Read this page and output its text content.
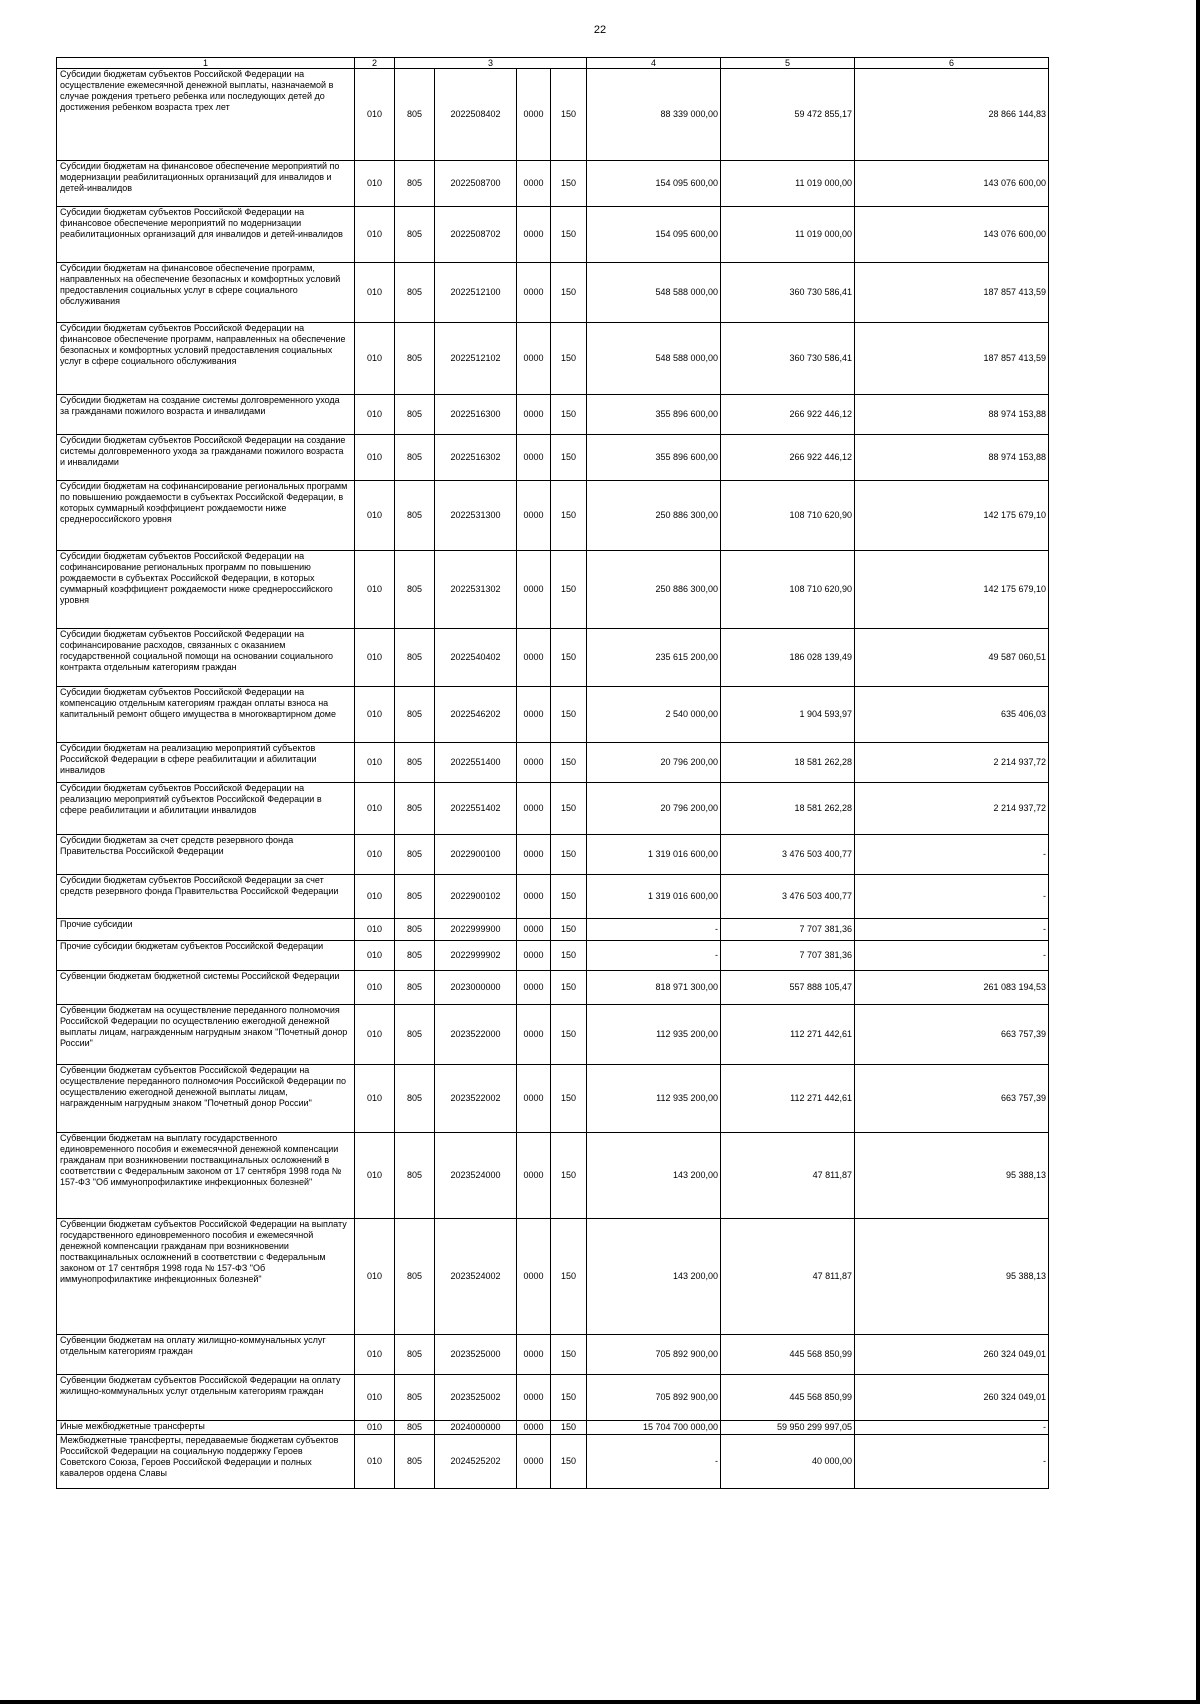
22
1	2	3				4	5	6
Субсидии бюджетам субъектов Российской Федерации на осуществление ежемесячной денежной выплаты, назначаемой в случае рождения третьего ребенка или последующих детей до достижения ребенком возраста трех лет	010	805	2022508402	0000	150	88 339 000,00	59 472 855,17	28 866 144,83
Субсидии бюджетам на финансовое обеспечение мероприятий по модернизации реабилитационных организаций для инвалидов и детей-инвалидов	010	805	2022508700	0000	150	154 095 600,00	11 019 000,00	143 076 600,00
Субсидии бюджетам субъектов Российской Федерации на финансовое обеспечение мероприятий по модернизации реабилитационных организаций для инвалидов и детей-инвалидов	010	805	2022508702	0000	150	154 095 600,00	11 019 000,00	143 076 600,00
Субсидии бюджетам на финансовое обеспечение программ, направленных на обеспечение безопасных и комфортных условий предоставления социальных услуг в сфере социального обслуживания	010	805	2022512100	0000	150	548 588 000,00	360 730 586,41	187 857 413,59
Субсидии бюджетам субъектов Российской Федерации на финансовое обеспечение программ, направленных на обеспечение безопасных и комфортных условий предоставления социальных услуг в сфере социального обслуживания	010	805	2022512102	0000	150	548 588 000,00	360 730 586,41	187 857 413,59
Субсидии бюджетам на создание системы долговременного ухода за гражданами пожилого возраста и инвалидами	010	805	2022516300	0000	150	355 896 600,00	266 922 446,12	88 974 153,88
Субсидии бюджетам субъектов Российской Федерации на создание системы долговременного ухода за гражданами пожилого возраста и инвалидами	010	805	2022516302	0000	150	355 896 600,00	266 922 446,12	88 974 153,88
Субсидии бюджетам на софинансирование региональных программ по повышению рождаемости в субъектах Российской Федерации, в которых суммарный коэффициент рождаемости ниже среднероссийского уровня	010	805	2022531300	0000	150	250 886 300,00	108 710 620,90	142 175 679,10
Субсидии бюджетам субъектов Российской Федерации на софинансирование региональных программ по повышению рождаемости в субъектах Российской Федерации, в которых суммарный коэффициент рождаемости ниже среднероссийского уровня	010	805	2022531302	0000	150	250 886 300,00	108 710 620,90	142 175 679,10
Субсидии бюджетам субъектов Российской Федерации на софинансирование расходов, связанных с оказанием государственной социальной помощи на основании социального контракта отдельным категориям граждан	010	805	2022540402	0000	150	235 615 200,00	186 028 139,49	49 587 060,51
Субсидии бюджетам субъектов Российской Федерации на компенсацию отдельным категориям граждан оплаты взноса на капитальный ремонт общего имущества в многоквартирном доме	010	805	2022546202	0000	150	2 540 000,00	1 904 593,97	635 406,03
Субсидии бюджетам на реализацию мероприятий субъектов Российской Федерации в сфере реабилитации и абилитации инвалидов	010	805	2022551400	0000	150	20 796 200,00	18 581 262,28	2 214 937,72
Субсидии бюджетам субъектов Российской Федерации на реализацию мероприятий субъектов Российской Федерации в сфере реабилитации и абилитации инвалидов	010	805	2022551402	0000	150	20 796 200,00	18 581 262,28	2 214 937,72
Субсидии бюджетам за счет средств резервного фонда Правительства Российской Федерации	010	805	2022900100	0000	150	1 319 016 600,00	3 476 503 400,77	-
Субсидии бюджетам субъектов Российской Федерации за счет средств резервного фонда Правительства Российской Федерации	010	805	2022900102	0000	150	1 319 016 600,00	3 476 503 400,77	-
Прочие субсидии	010	805	2022999900	0000	150	-	7 707 381,36	-
Прочие субсидии бюджетам субъектов Российской Федерации	010	805	2022999902	0000	150	-	7 707 381,36	-
Субвенции бюджетам бюджетной системы Российской Федерации	010	805	2023000000	0000	150	818 971 300,00	557 888 105,47	261 083 194,53
Субвенции бюджетам на осуществление переданного полномочия Российской Федерации по осуществлению ежегодной денежной выплаты лицам, награжденным нагрудным знаком "Почетный донор России"	010	805	2023522000	0000	150	112 935 200,00	112 271 442,61	663 757,39
Субвенции бюджетам субъектов Российской Федерации на осуществление переданного полномочия Российской Федерации по осуществлению ежегодной денежной выплаты лицам, награжденным нагрудным знаком "Почетный донор России"	010	805	2023522002	0000	150	112 935 200,00	112 271 442,61	663 757,39
Субвенции бюджетам на выплату государственного единовременного пособия и ежемесячной денежной компенсации гражданам при возникновении поствакцинальных осложнений в соответствии с Федеральным законом от 17 сентября 1998 года № 157-ФЗ "Об иммунопрофилактике инфекционных болезней"	010	805	2023524000	0000	150	143 200,00	47 811,87	95 388,13
Субвенции бюджетам субъектов Российской Федерации на выплату государственного единовременного пособия и ежемесячной денежной компенсации гражданам при возникновении поствакцинальных осложнений в соответствии с Федеральным законом от 17 сентября 1998 года № 157-ФЗ "Об иммунопрофилактике инфекционных болезней"	010	805	2023524002	0000	150	143 200,00	47 811,87	95 388,13
Субвенции бюджетам на оплату жилищно-коммунальных услуг отдельным категориям граждан	010	805	2023525000	0000	150	705 892 900,00	445 568 850,99	260 324 049,01
Субвенции бюджетам субъектов Российской Федерации на оплату жилищно-коммунальных услуг отдельным категориям граждан	010	805	2023525002	0000	150	705 892 900,00	445 568 850,99	260 324 049,01
Иные межбюджетные трансферты	010	805	2024000000	0000	150	15 704 700 000,00	59 950 299 997,05	-
Межбюджетные трансферты, передаваемые бюджетам субъектов Российской Федерации на социальную поддержку Героев Советского Союза, Героев Российской Федерации и полных кавалеров ордена Славы	010	805	2024525202	0000	150	-	40 000,00	-
